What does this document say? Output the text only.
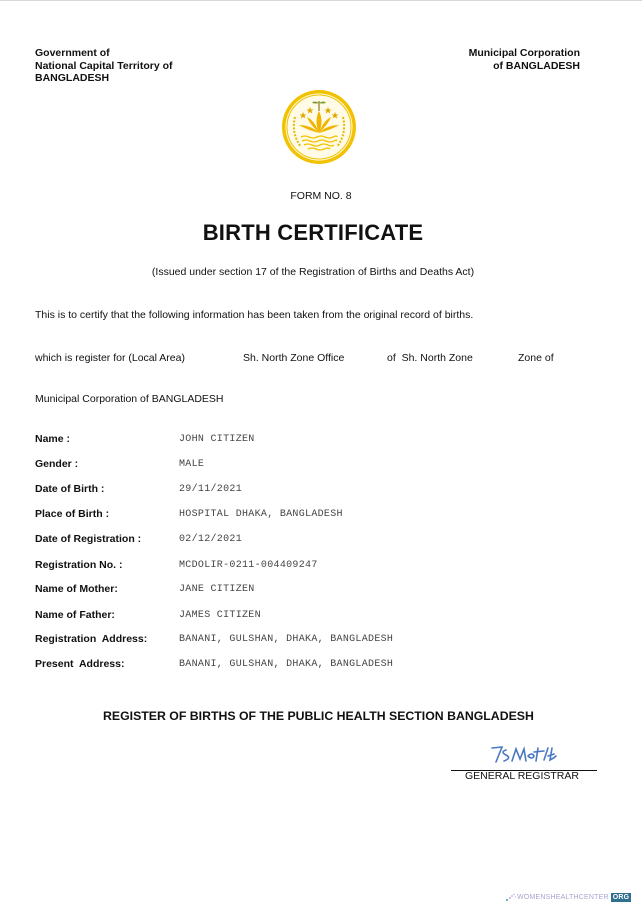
Government of
National Capital Territory of
BANGLADESH
Municipal Corporation
of BANGLADESH
FORM NO. 8
BIRTH CERTIFICATE
(Issued under section 17 of the Registration of Births and Deaths Act)
This is to certify that the following information has been taken from the original record of births.
which is register for (Local Area)	Sh. North Zone Office	of  Sh. North Zone	Zone of
Municipal Corporation of BANGLADESH
Name :	JOHN CITIZEN
Gender :	MALE
Date of Birth :	29/11/2021
Place of Birth :	HOSPITAL DHAKA, BANGLADESH
Date of Registration :	02/12/2021
Registration No. :	MCDOLIR-0211-004409247
Name of Mother:	JANE CITIZEN
Name of Father:	JAMES CITIZEN
Registration  Address:	BANANI, GULSHAN, DHAKA, BANGLADESH
Present  Address:	BANANI, GULSHAN, DHAKA, BANGLADESH
REGISTER OF BIRTHS OF THE PUBLIC HEALTH SECTION BANGLADESH
GENERAL REGISTRAR
WOMENSHEALTHCENTER ORG
